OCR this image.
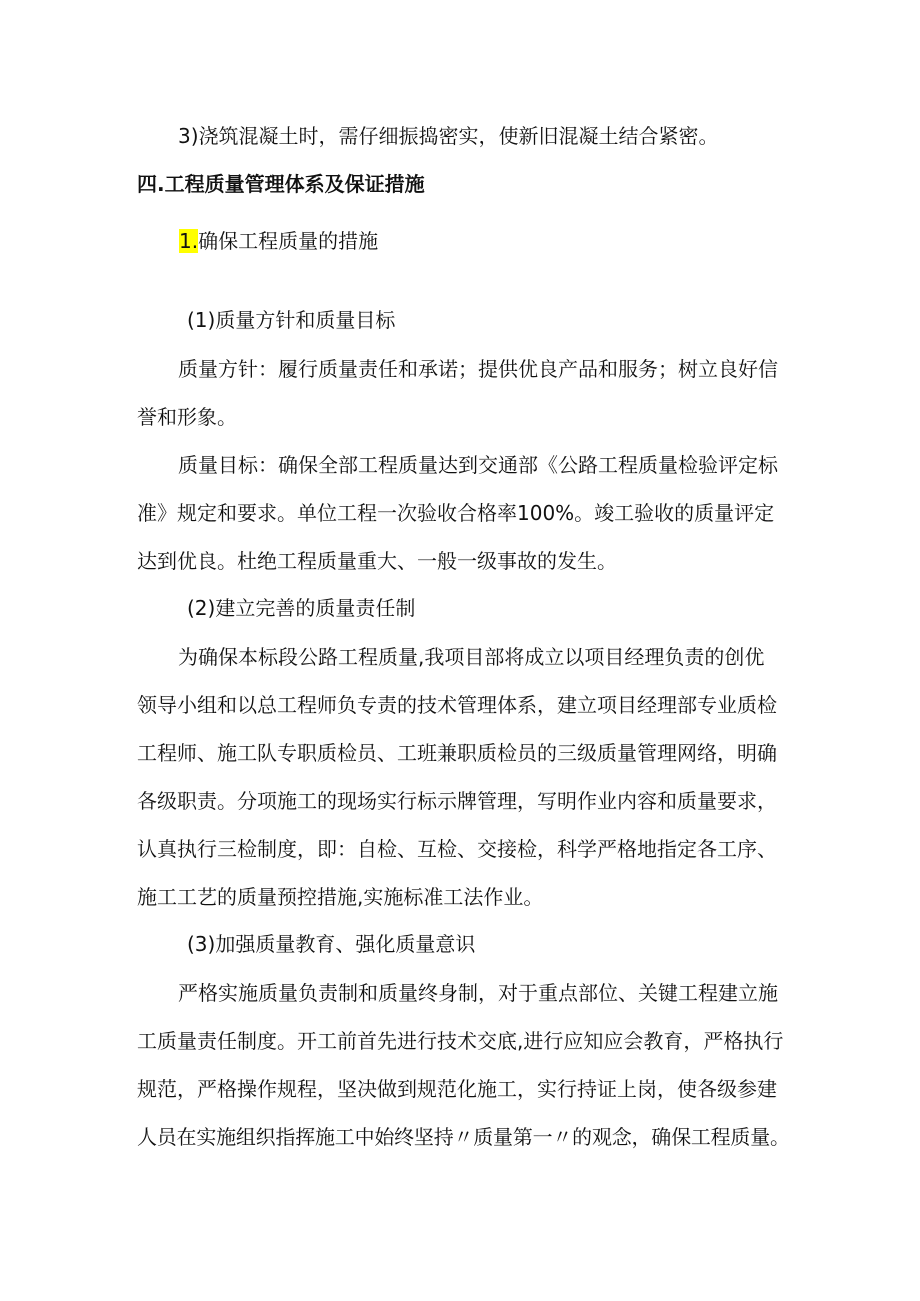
3)浇筑混凝土时，需仔细振捣密实，使新旧混凝土结合紧密。
四.工程质量管理体系及保证措施
1.确保工程质量的措施
(1)质量方针和质量目标
质量方针：履行质量责任和承诺；提供优良产品和服务；树立良好信
誉和形象。
质量目标：确保全部工程质量达到交通部《公路工程质量检验评定标
准》规定和要求。单位工程一次验收合格率100%。竣工验收的质量评定
达到优良。杜绝工程质量重大、一般一级事故的发生。
(2)建立完善的质量责任制
为确保本标段公路工程质量,我项目部将成立以项目经理负责的创优
领导小组和以总工程师负专责的技术管理体系，建立项目经理部专业质检
工程师、施工队专职质检员、工班兼职质检员的三级质量管理网络，明确
各级职责。分项施工的现场实行标示牌管理，写明作业内容和质量要求，
认真执行三检制度，即：自检、互检、交接检，科学严格地指定各工序、
施工工艺的质量预控措施,实施标准工法作业。
(3)加强质量教育、强化质量意识
严格实施质量负责制和质量终身制，对于重点部位、关键工程建立施
工质量责任制度。开工前首先进行技术交底,进行应知应会教育，严格执行
规范，严格操作规程，坚决做到规范化施工，实行持证上岗，使各级参建
人员在实施组织指挥施工中始终坚持〃质量第一〃的观念，确保工程质量。
